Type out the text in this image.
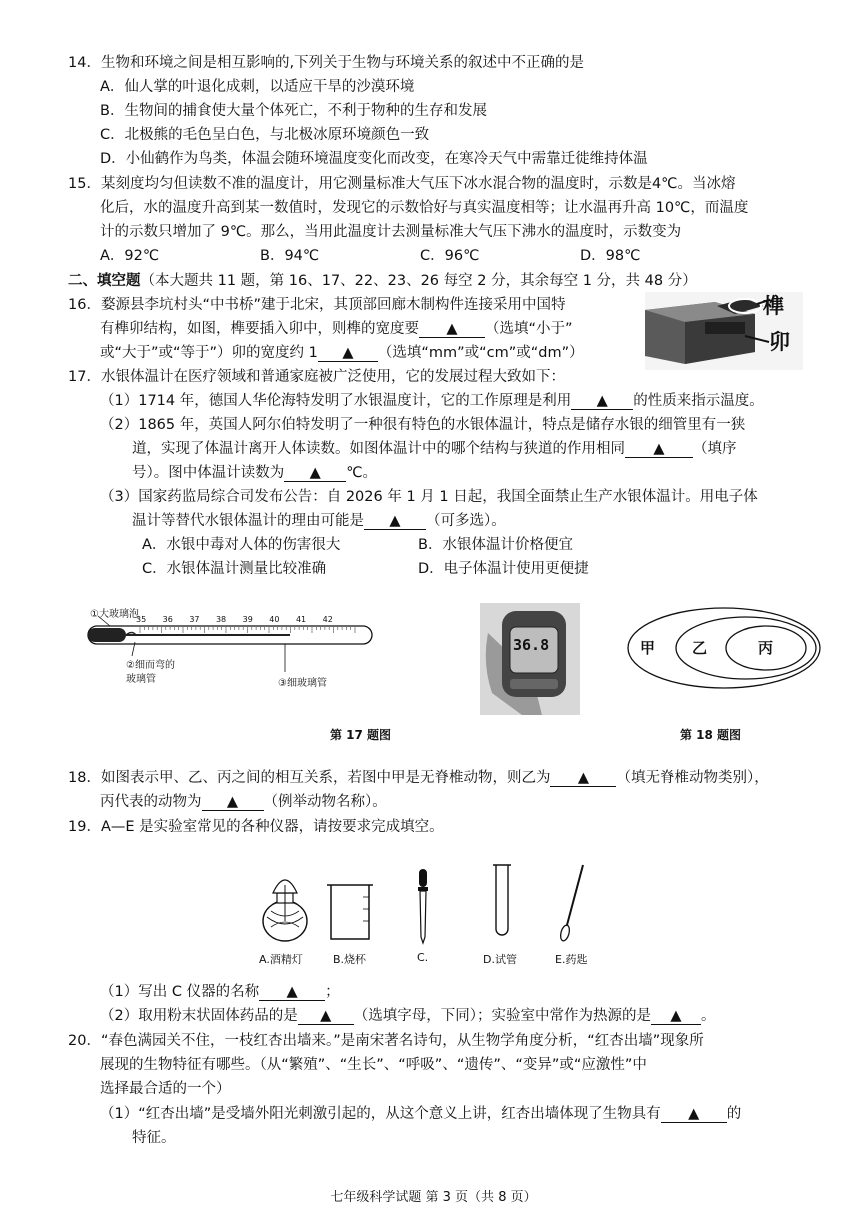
14．生物和环境之间是相互影响的,下列关于生物与环境关系的叙述中不正确的是
A．仙人掌的叶退化成刺，以适应干旱的沙漠环境
B．生物间的捕食使大量个体死亡，不利于物种的生存和发展
C．北极熊的毛色呈白色，与北极冰原环境颜色一致
D．小仙鹤作为鸟类，体温会随环境温度变化而改变，在寒冷天气中需靠迁徙维持体温
15．某刻度均匀但读数不准的温度计，用它测量标准大气压下冰水混合物的温度时，示数是4℃。当冰熔
化后，水的温度升高到某一数值时，发现它的示数恰好与真实温度相等；让水温再升高 10℃，而温度
计的示数只增加了 9℃。那么，当用此温度计去测量标准大气压下沸水的温度时，示数变为
A．92℃	B．94℃	C．96℃	D．98℃
二、填空题（本大题共 11 题，第 16、17、22、23、26 每空 2 分，其余每空 1 分，共 48 分）
16．婺源县李坑村头“中书桥”建于北宋，其顶部回廊木制构件连接采用中国特
有榫卯结构，如图，榫要插入卯中，则榫的宽度要 ▲ （选填“小于”
或“大于”或“等于”）卯的宽度约 1 ▲ （选填“mm”或“cm”或“dm”）
榫
卯
17．水银体温计在医疗领域和普通家庭被广泛使用，它的发展过程大致如下：
（1）1714 年，德国人华伦海特发明了水银温度计，它的工作原理是利用 ▲ 的性质来指示温度。
（2）1865 年，英国人阿尔伯特发明了一种很有特色的水银体温计，特点是储存水银的细管里有一狭
道，实现了体温计离开人体读数。如图体温计中的哪个结构与狭道的作用相同 ▲ （填序
号）。图中体温计读数为 ▲ ℃。
（3）国家药监局综合司发布公告：自 2026 年 1 月 1 日起，我国全面禁止生产水银体温计。用电子体
温计等替代水银体温计的理由可能是 ▲ （可多选）。
A．水银中毒对人体的伤害很大	B．水银体温计价格便宜
C．水银体温计测量比较准确	D．电子体温计使用更便捷
①大玻璃泡
②细而弯的
玻璃管	③细玻璃管
35 36 37 38 39 40 41 42
第 17 题图
36.8	甲 乙	丙
第 18 题图
18．如图表示甲、乙、丙之间的相互关系，若图中甲是无脊椎动物，则乙为 ▲ （填无脊椎动物类别），
丙代表的动物为 ▲ （例举动物名称）。
19．A—E 是实验室常见的各种仪器，请按要求完成填空。
A.酒精灯	B.烧杯	C.	D.试管	E.药匙
（1）写出 C 仪器的名称 ▲ ；
（2）取用粉末状固体药品的是 ▲ （选填字母，下同）；实验室中常作为热源的是 ▲ 。
20．“春色满园关不住，一枝红杏出墙来。”是南宋著名诗句，从生物学角度分析，“红杏出墙”现象所
展现的生物特征有哪些。（从“繁殖”、“生长”、“呼吸”、“遗传”、“变异”或“应激性”中
选择最合适的一个）
（1）“红杏出墙”是受墙外阳光刺激引起的，从这个意义上讲，红杏出墙体现了生物具有 ▲ 的
特征。
七年级科学试题 第 3 页（共 8 页）
